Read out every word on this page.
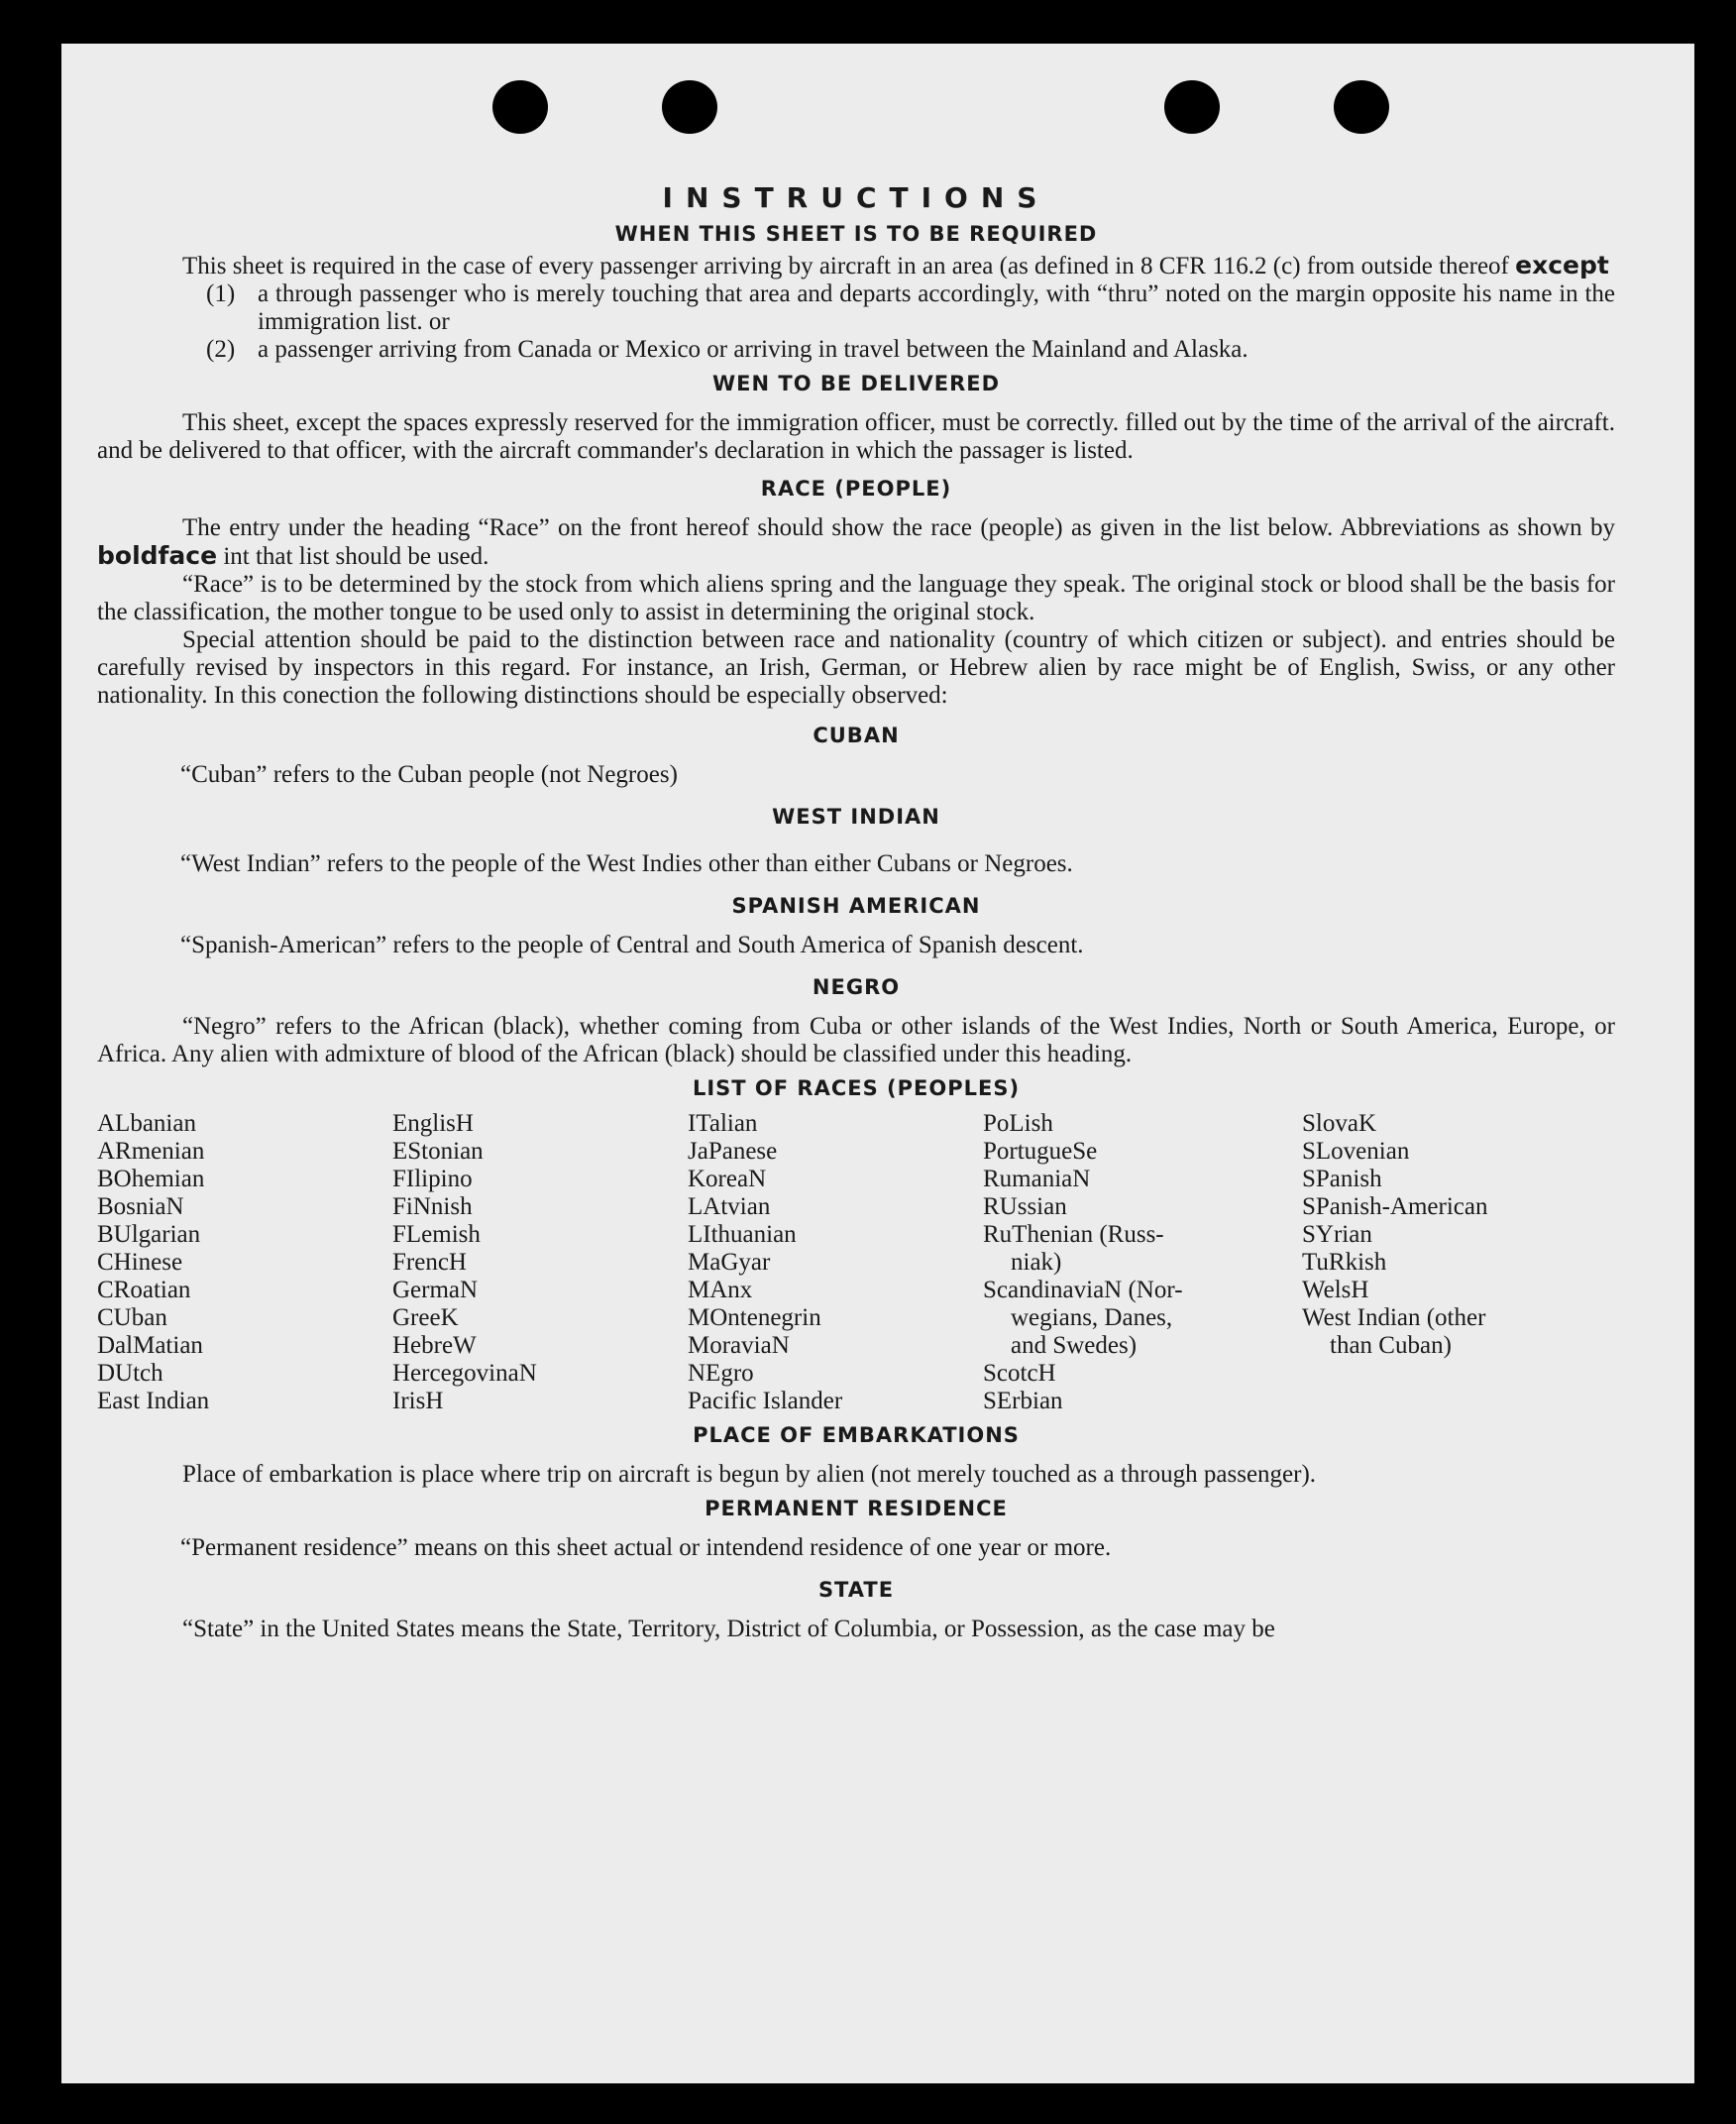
INSTRUCTIONS
WHEN THIS SHEET IS TO BE REQUIRED

This sheet is required in the case of every passenger arriving by aircraft in an area (as defined in 8 CFR 116.2 (c) from outside thereof except

(1) a through passenger who is merely touching that area and departs accordingly, with “thru” noted on the margin opposite his name in the immigration list. or
(2) a passenger arriving from Canada or Mexico or arriving in travel between the Mainland and Alaska.
WEN TO BE DELIVERED

This sheet, except the spaces expressly reserved for the immigration officer, must be correctly. filled out by the time of the arrival of the aircraft. and be delivered to that officer, with the aircraft commander's declaration in which the passager is listed.

RACE (PEOPLE)

The entry under the heading “Race” on the front hereof should show the race (people) as given in the list below. Abbreviations as shown by boldface int that list should be used.

“Race” is to be determined by the stock from which aliens spring and the language they speak. The original stock or blood shall be the basis for the classification, the mother tongue to be used only to assist in determining the original stock.

Special attention should be paid to the distinction between race and nationality (country of which citizen or subject). and entries should be carefully revised by inspectors in this regard. For instance, an Irish, German, or Hebrew alien by race might be of English, Swiss, or any other nationality. In this conection the following distinctions should be especially observed:

CUBAN

“Cuban” refers to the Cuban people (not Negroes)

WEST INDIAN

“West Indian” refers to the people of the West Indies other than either Cubans or Negroes.

SPANISH AMERICAN

“Spanish-American” refers to the people of Central and South America of Spanish descent.

NEGRO

“Negro” refers to the African (black), whether coming from Cuba or other islands of the West Indies, North or South America, Europe, or Africa. Any alien with admixture of blood of the African (black) should be classified under this heading.

LIST OF RACES (PEOPLES)
ALbanian
ARmenian
BOhemian
BosniaN
BUlgarian
CHinese
CRoatian
CUban
DalMatian
DUtch
East Indian
EnglisH
EStonian
FIlipino
FiNnish
FLemish
FrencH
GermaN
GreeK
HebreW
HercegovinaN
IrisH
ITalian
JaPanese
KoreaN
LAtvian
LIthuanian
MaGyar
MAnx
MOntenegrin
MoraviaN
NEgro
Pacific Islander
PoLish
PortugueSe
RumaniaN
RUssian
RuThenian (Russ-
niak)
ScandinaviaN (Nor-
wegians, Danes,
and Swedes)
ScotcH
SErbian
SlovaK
SLovenian
SPanish
SPanish-American
SYrian
TuRkish
WelsH
West Indian (other
than Cuban)
PLACE OF EMBARKATIONS

Place of embarkation is place where trip on aircraft is begun by alien (not merely touched as a through passenger).

PERMANENT RESIDENCE

“Permanent residence” means on this sheet actual or intendend residence of one year or more.

STATE

“State” in the United States means the State, Territory, District of Columbia, or Possession, as the case may be
